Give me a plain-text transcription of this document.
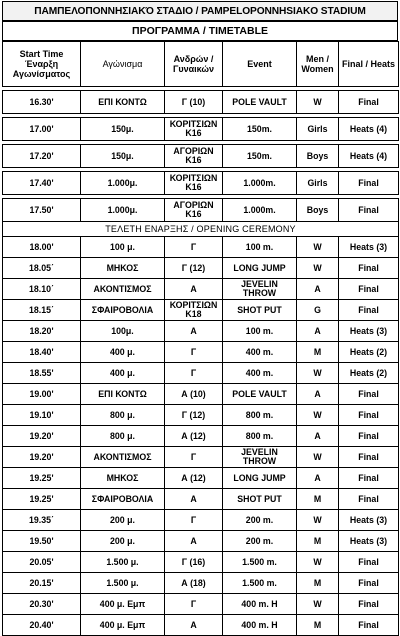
ΠΑΜΠΕΛΟΠΟΝΝΗΣΙΑΚΌ ΣΤΑΔΙΟ / PAMPELOPONNHSIAKO STADIUM
ΠΡΟΓΡΑΜΜΑ / TIMETABLE
Start Time Έναρξη Αγωνίσματος	Αγώνισμα	Ανδρών / Γυναικών	Event	Men / Women	Final / Heats

16.30'	ΕΠΙ ΚΟΝΤΩ	Γ (10)	POLE VAULT	W	Final

17.00'	150μ.	ΚΟΡΙΤΣΙΩΝ Κ16	150m.	Girls	Heats (4)

17.20'	150μ.	ΑΓΟΡΙΩΝ Κ16	150m.	Boys	Heats (4)

17.40'	1.000μ.	ΚΟΡΙΤΣΙΩΝ Κ16	1.000m.	Girls	Final

17.50'	1.000μ.	ΑΓΟΡΙΩΝ Κ16	1.000m.	Boys	Final
ΤΕΛΕΤΗ ΕΝΑΡΞΗΣ / OPENING CEREMONY					
18.00'	100 μ.	Γ	100 m.	W	Heats (3)
18.05΄	ΜΗΚΟΣ	Γ (12)	LONG JUMP	W	Final
18.10΄	ΑΚΟΝΤΙΣΜΟΣ	Α	JEVELIN THROW	A	Final
18.15΄	ΣΦΑΙΡΟΒΟΛΙΑ	ΚΟΡΙΤΣΙΩΝ Κ18	SHOT PUT	G	Final
18.20'	100μ.	Α	100 m.	A	Heats (3)
18.40'	400 μ.	Γ	400 m.	M	Heats (2)
18.55'	400 μ.	Γ	400 m.	W	Heats (2)
19.00'	ΕΠΙ ΚΟΝΤΩ	Α (10)	POLE VAULT	A	Final
19.10'	800 μ.	Γ (12)	800 m.	W	Final
19.20'	800 μ.	Α (12)	800 m.	A	Final
19.20'	ΑΚΟΝΤΙΣΜΟΣ	Γ	JEVELIN THROW	W	Final
19.25'	ΜΗΚΟΣ	Α (12)	LONG JUMP	A	Final
19.25'	ΣΦΑΙΡΟΒΟΛΙΑ	Α	SHOT PUT	M	Final
19.35΄	200 μ.	Γ	200 m.	W	Heats (3)
19.50'	200 μ.	Α	200 m.	M	Heats (3)
20.05'	1.500 μ.	Γ (16)	1.500 m.	W	Final
20.15'	1.500 μ.	Α (18)	1.500 m.	M	Final
20.30'	400 μ. Εμπ	Γ	400 m. H	W	Final
20.40'	400 μ. Εμπ	Α	400 m. H	M	Final
